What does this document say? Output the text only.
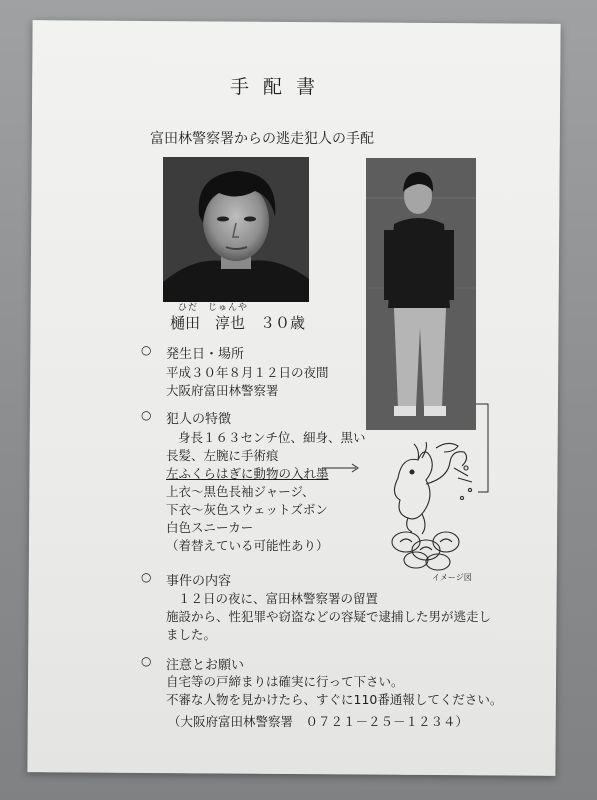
手配書
富田林警察署からの逃走犯人の手配
ひだ　じゅんや
樋田　淳也　３０歳
○ 発生日・場所
平成３０年８月１２日の夜間
大阪府富田林警察署
○ 犯人の特徴
身長１６３センチ位、細身、黒い
長髪、左腕に手術痕
左ふくらはぎに動物の入れ墨
上衣～黒色長袖ジャージ、
下衣～灰色スウェットズボン
白色スニーカー
（着替えている可能性あり）
○ 事件の内容
１２日の夜に、富田林警察署の留置
施設から、性犯罪や窃盗などの容疑で逮捕した男が逃走し
ました。
○ 注意とお願い
自宅等の戸締まりは確実に行って下さい。
不審な人物を見かけたら、すぐに110番通報してください。
（大阪府富田林警察署　０７２１－２５－１２３４）
イメージ図
